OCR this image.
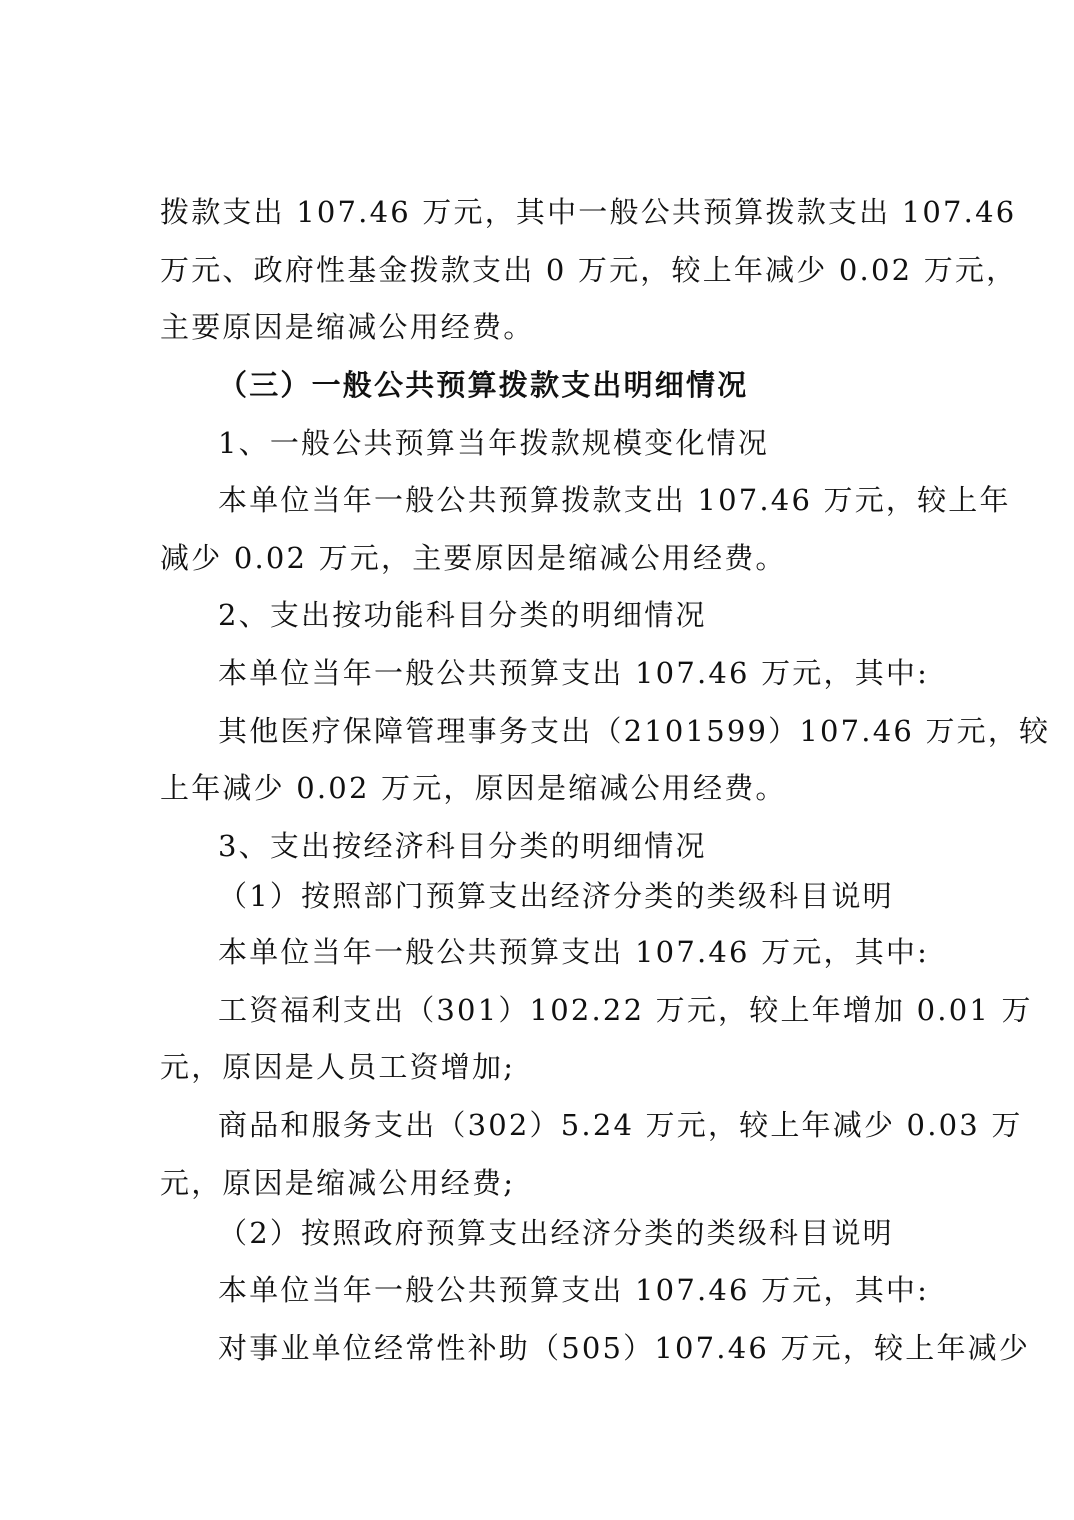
拨款支出 107.46 万元，其中一般公共预算拨款支出 107.46
万元、政府性基金拨款支出 0 万元，较上年减少 0.02 万元，
主要原因是缩减公用经费。
（三）一般公共预算拨款支出明细情况
1、一般公共预算当年拨款规模变化情况
本单位当年一般公共预算拨款支出 107.46 万元，较上年
减少 0.02 万元，主要原因是缩减公用经费。
2、支出按功能科目分类的明细情况
本单位当年一般公共预算支出 107.46 万元，其中:
其他医疗保障管理事务支出（2101599）107.46 万元，较
上年减少 0.02 万元，原因是缩减公用经费。
3、支出按经济科目分类的明细情况
（1）按照部门预算支出经济分类的类级科目说明
本单位当年一般公共预算支出 107.46 万元，其中:
工资福利支出（301）102.22 万元，较上年增加 0.01 万
元，原因是人员工资增加;
商品和服务支出（302）5.24 万元，较上年减少 0.03 万
元，原因是缩减公用经费;
（2）按照政府预算支出经济分类的类级科目说明
本单位当年一般公共预算支出 107.46 万元，其中:
对事业单位经常性补助（505）107.46 万元，较上年减少
